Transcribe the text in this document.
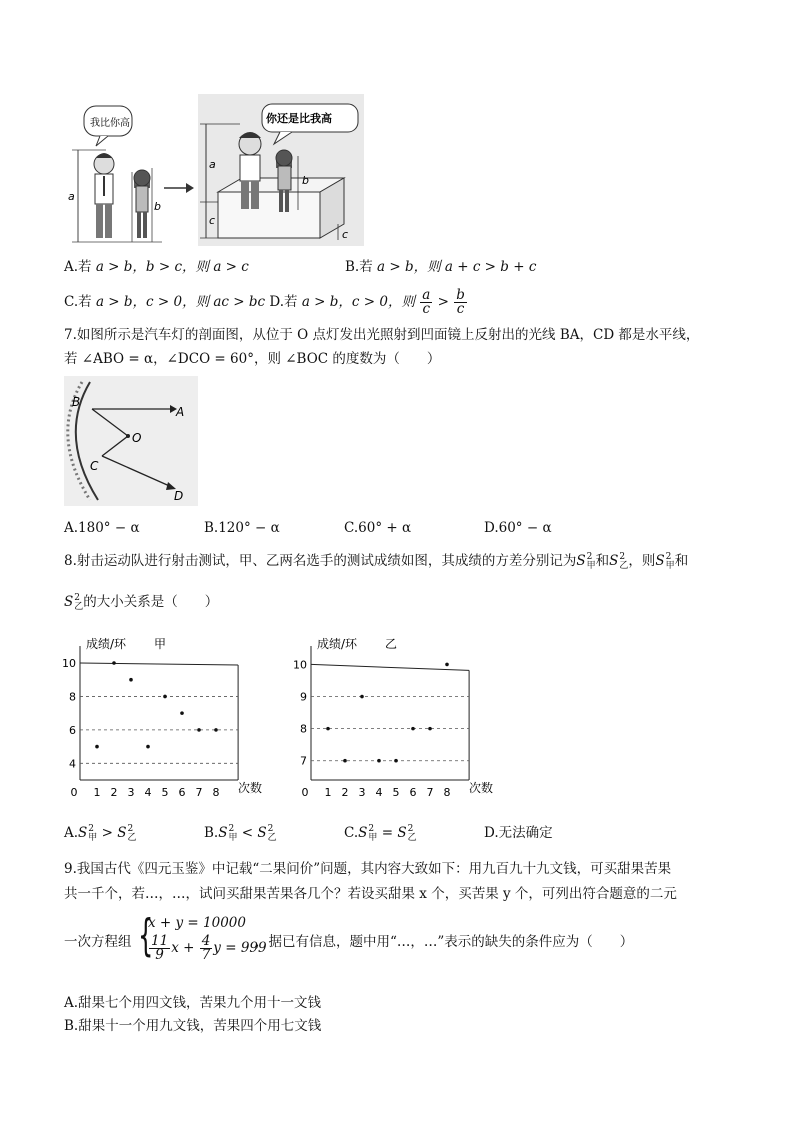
a
b
a
b
c
c
我比你高	你还是比我高
A.若 a > b，b > c，则 a > c	B.若 a > b，则 a + c > b + c
C.若 a > b，c > 0，则 ac > bc D.若 a > b，c > 0，则 $\frac{a}{c} > \frac{b}{c}$
7.如图所示是汽车灯的剖面图，从位于 O 点灯发出光照射到凹面镜上反射出的光线 BA，CD 都是水平线，
若 ∠ABO = α，∠DCO = 60°，则 ∠BOC 的度数为（　　）
B
A
O
C
D
A.180° − α	B.120° − α	C.60° + α	D.60° − α
8.射击运动队进行射击测试，甲、乙两名选手的测试成绩如图，其成绩的方差分别记为S 2
甲 和S 2
乙 ，则S 2
甲 和
S 2
乙 的大小关系是（　　）
4
6
8
10
0 1 2 3 4 5 6 7 8
成绩/环 甲
次数
7
8
9
10
0 1 2 3 4 5 6 7 8
成绩/环 乙
次数
A.S 2
甲 > S 2
乙	B.S 2
甲 < S 2
乙	C.S 2
甲 = S 2
乙	D.无法确定
9.我国古代《四元玉鉴》中记载“二果问价”问题，其内容大致如下：用九百九十九文钱，可买甜果苦果
共一千个，若…，…，试问买甜果苦果各几个？若设买甜果 x 个，买苦果 y 个，可列出符合题意的二元
一次方程组 {
x + y = 10000
$\frac{11}{9}$ $x + \frac{4}{7}$ y = 999
，据已有信息，题中用“…，…”表示的缺失的条件应为（　　）
A.甜果七个用四文钱，苦果九个用十一文钱
B.甜果十一个用九文钱，苦果四个用七文钱
